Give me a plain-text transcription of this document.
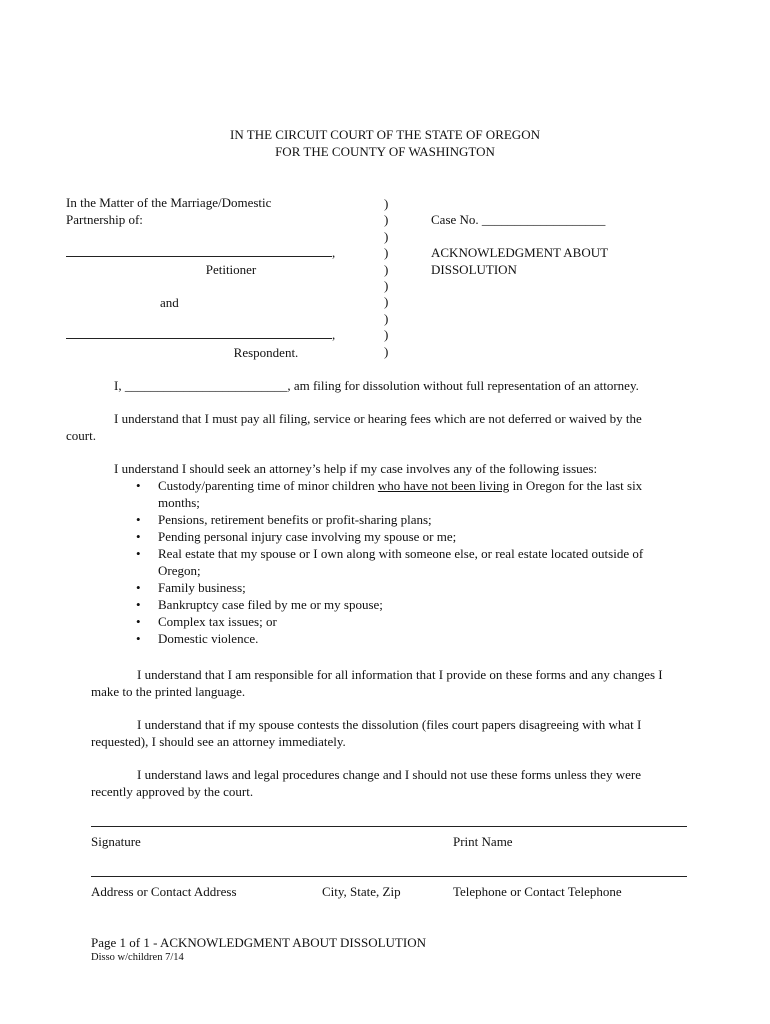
IN THE CIRCUIT COURT OF THE STATE OF OREGON
FOR THE COUNTY OF WASHINGTON
In the Matter of the Marriage/Domestic
Partnership of:
,
Petitioner
and
,
Respondent.
)
)
)
)
)
)
)
)
)
)
Case No. ___________________
ACKNOWLEDGMENT ABOUT
DISSOLUTION
I, _________________________, am filing for dissolution without full representation of an attorney.
I understand that I must pay all filing, service or hearing fees which are not deferred or waived by the
court.
I understand I should seek an attorney’s help if my case involves any of the following issues:
• Custody/parenting time of minor children who have not been living in Oregon for the last six months;
• Pensions, retirement benefits or profit-sharing plans;
• Pending personal injury case involving my spouse or me;
• Real estate that my spouse or I own along with someone else, or real estate located outside of Oregon;
• Family business;
• Bankruptcy case filed by me or my spouse;
• Complex tax issues; or
• Domestic violence.
I understand that I am responsible for all information that I provide on these forms and any changes I
make to the printed language.
I understand that if my spouse contests the dissolution (files court papers disagreeing with what I
requested), I should see an attorney immediately.
I understand laws and legal procedures change and I should not use these forms unless they were
recently approved by the court.
Signature	Print Name
Address or Contact Address	City, State, Zip	Telephone or Contact Telephone
Page 1 of 1 - ACKNOWLEDGMENT ABOUT DISSOLUTION
Disso w/children 7/14
